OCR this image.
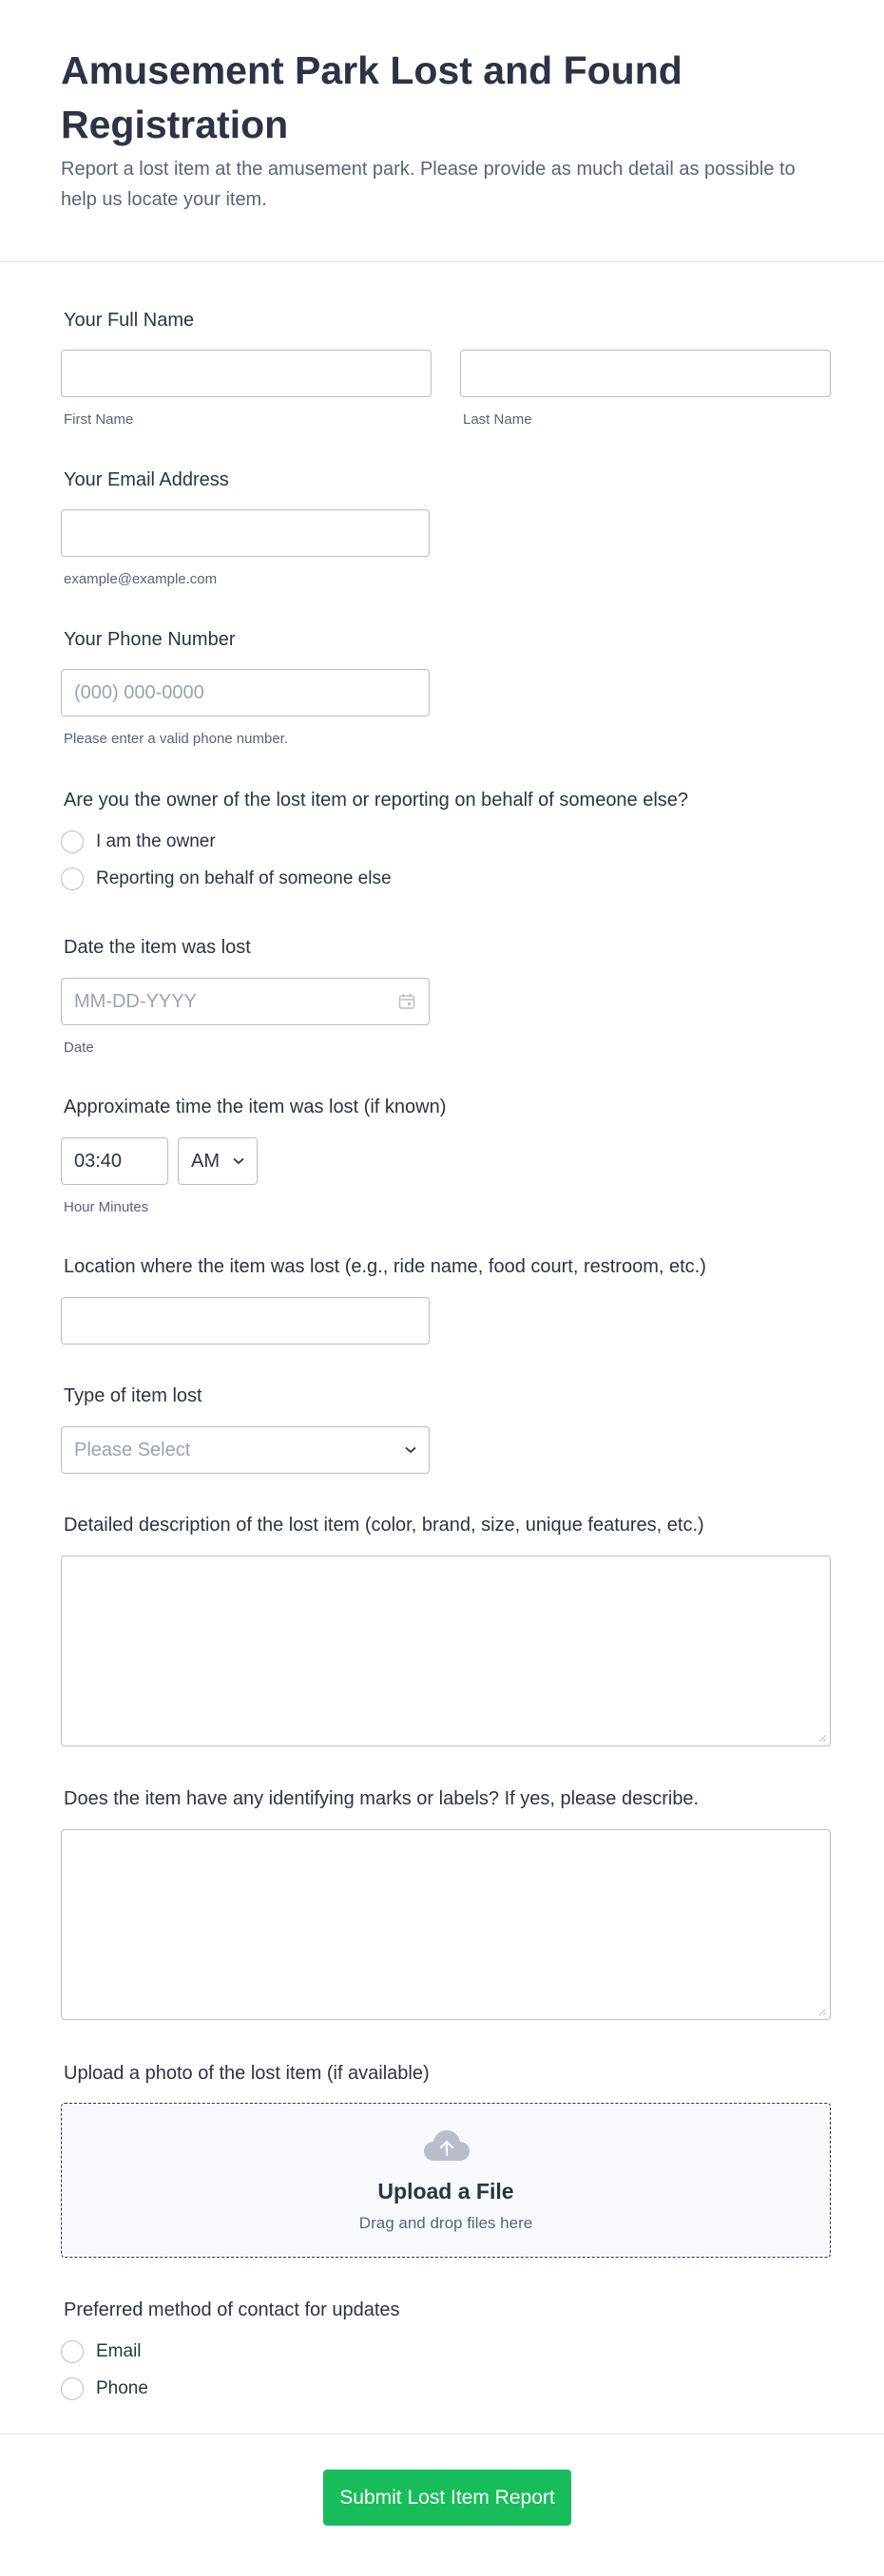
Amusement Park Lost and Found Registration

Report a lost item at the amusement park. Please provide as much detail as possible to help us locate your item.

Your Full Name
First Name	Last Name
Your Email Address
example@example.com
Your Phone Number
(000) 000-0000
Please enter a valid phone number.
Are you the owner of the lost item or reporting on behalf of someone else?
I am the owner
Reporting on behalf of someone else
Date the item was lost
MM-DD-YYYY
Date
Approximate time the item was lost (if known)
03:40
AM
Hour Minutes
Location where the item was lost (e.g., ride name, food court, restroom, etc.)
Type of item lost
Please Select
Detailed description of the lost item (color, brand, size, unique features, etc.)
Does the item have any identifying marks or labels? If yes, please describe.
Upload a photo of the lost item (if available)
Upload a File
Drag and drop files here
Preferred method of contact for updates
Email
Phone
Submit Lost Item Report
